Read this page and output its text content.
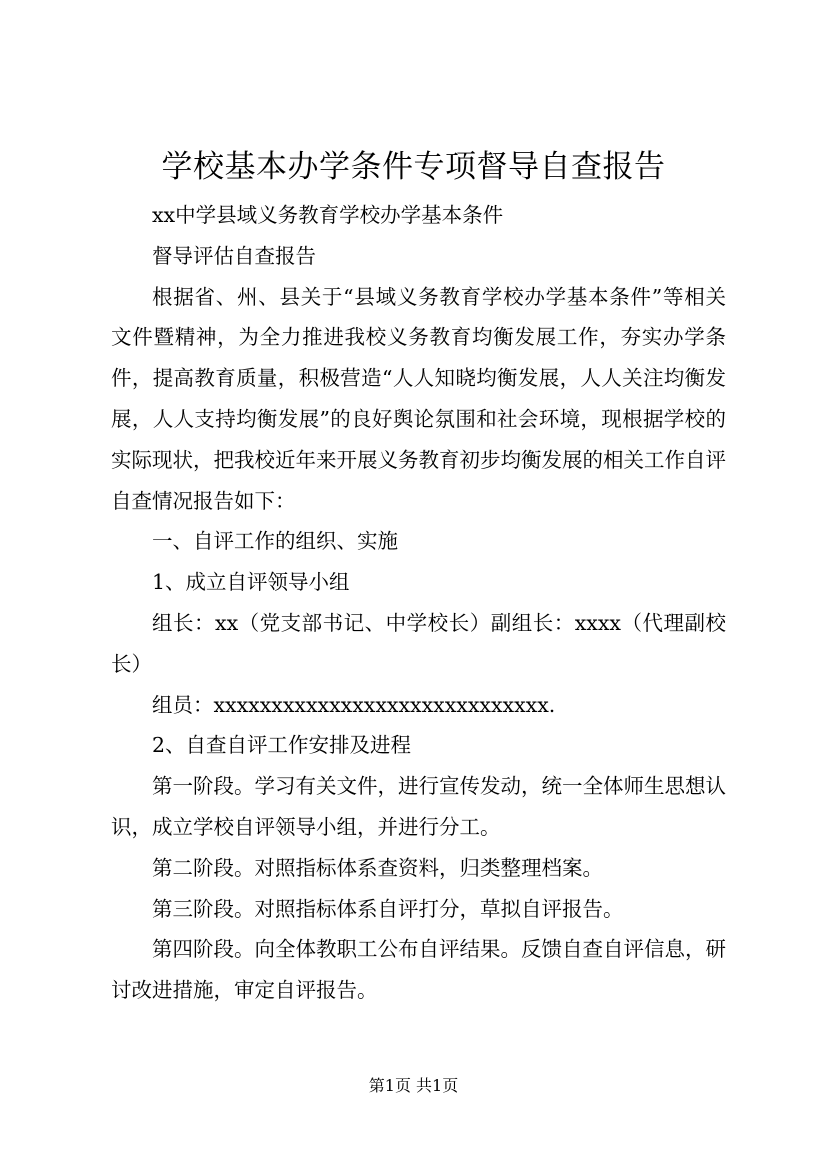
学校基本办学条件专项督导自查报告

xx中学县域义务教育学校办学基本条件

督导评估自查报告

根据省、州、县关于“县域义务教育学校办学基本条件”等相关文件暨精神，为全力推进我校义务教育均衡发展工作，夯实办学条件，提高教育质量，积极营造“人人知晓均衡发展，人人关注均衡发展，人人支持均衡发展”的良好舆论氛围和社会环境，现根据学校的实际现状，把我校近年来开展义务教育初步均衡发展的相关工作自评自查情况报告如下：

一、自评工作的组织、实施

1、成立自评领导小组

组长：xx（党支部书记、中学校长）副组长：xxxx（代理副校长）

组员：xxxxxxxxxxxxxxxxxxxxxxxxxxxxx.

2、自查自评工作安排及进程

第一阶段。学习有关文件，进行宣传发动，统一全体师生思想认识，成立学校自评领导小组，并进行分工。

第二阶段。对照指标体系查资料，归类整理档案。

第三阶段。对照指标体系自评打分，草拟自评报告。

第四阶段。向全体教职工公布自评结果。反馈自查自评信息，研讨改进措施，审定自评报告。

第1页 共1页
